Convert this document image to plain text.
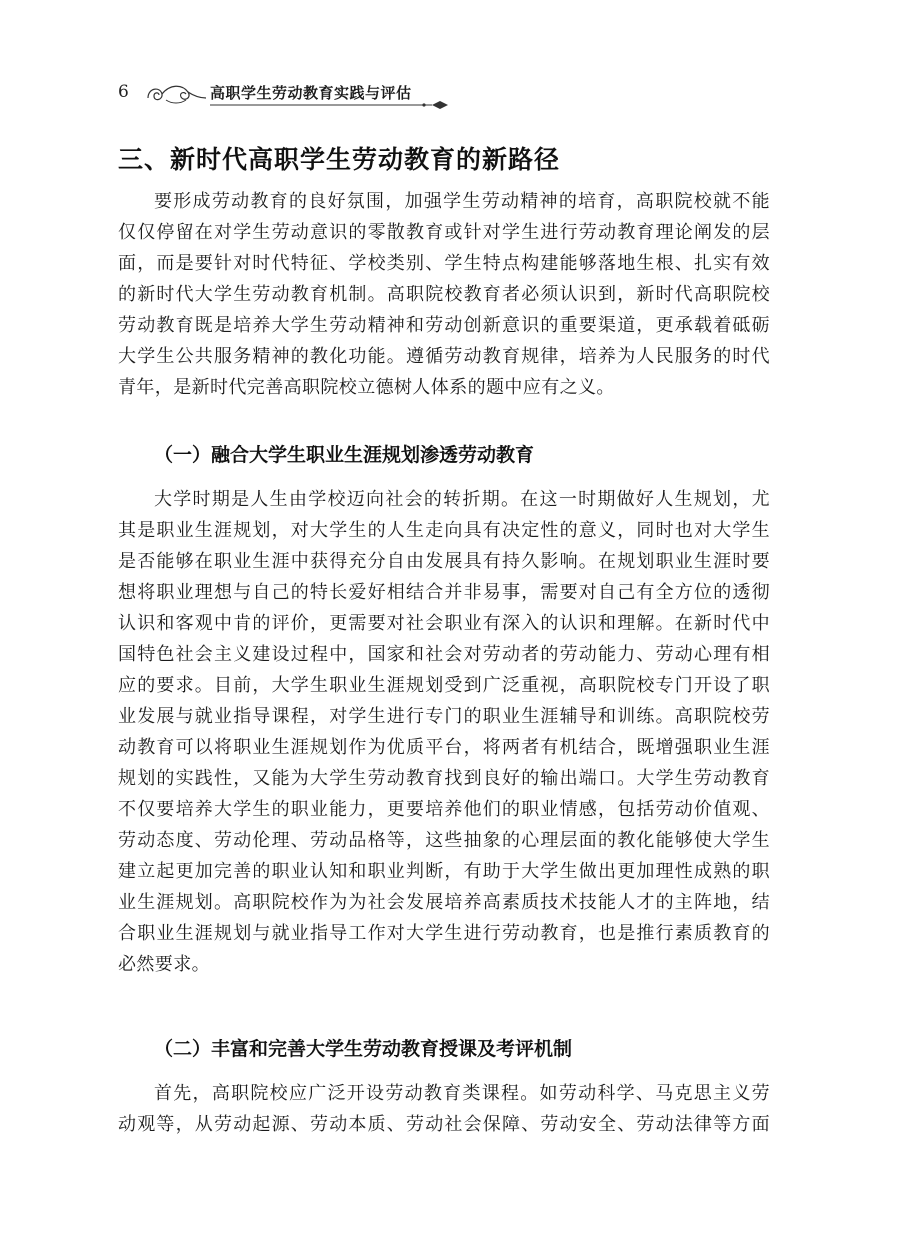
6	高职学生劳动教育实践与评估
三、新时代高职学生劳动教育的新路径
要形成劳动教育的良好氛围，加强学生劳动精神的培育，高职院校就不能
仅仅停留在对学生劳动意识的零散教育或针对学生进行劳动教育理论阐发的层
面，而是要针对时代特征、学校类别、学生特点构建能够落地生根、扎实有效
的新时代大学生劳动教育机制。高职院校教育者必须认识到，新时代高职院校
劳动教育既是培养大学生劳动精神和劳动创新意识的重要渠道，更承载着砥砺
大学生公共服务精神的教化功能。遵循劳动教育规律，培养为人民服务的时代
青年，是新时代完善高职院校立德树人体系的题中应有之义。
（一）融合大学生职业生涯规划渗透劳动教育
大学时期是人生由学校迈向社会的转折期。在这一时期做好人生规划，尤
其是职业生涯规划，对大学生的人生走向具有决定性的意义，同时也对大学生
是否能够在职业生涯中获得充分自由发展具有持久影响。在规划职业生涯时要
想将职业理想与自己的特长爱好相结合并非易事，需要对自己有全方位的透彻
认识和客观中肯的评价，更需要对社会职业有深入的认识和理解。在新时代中
国特色社会主义建设过程中，国家和社会对劳动者的劳动能力、劳动心理有相
应的要求。目前，大学生职业生涯规划受到广泛重视，高职院校专门开设了职
业发展与就业指导课程，对学生进行专门的职业生涯辅导和训练。高职院校劳
动教育可以将职业生涯规划作为优质平台，将两者有机结合，既增强职业生涯
规划的实践性，又能为大学生劳动教育找到良好的输出端口。大学生劳动教育
不仅要培养大学生的职业能力，更要培养他们的职业情感，包括劳动价值观、
劳动态度、劳动伦理、劳动品格等，这些抽象的心理层面的教化能够使大学生
建立起更加完善的职业认知和职业判断，有助于大学生做出更加理性成熟的职
业生涯规划。高职院校作为为社会发展培养高素质技术技能人才的主阵地，结
合职业生涯规划与就业指导工作对大学生进行劳动教育，也是推行素质教育的
必然要求。
（二）丰富和完善大学生劳动教育授课及考评机制
首先，高职院校应广泛开设劳动教育类课程。如劳动科学、马克思主义劳
动观等，从劳动起源、劳动本质、劳动社会保障、劳动安全、劳动法律等方面
